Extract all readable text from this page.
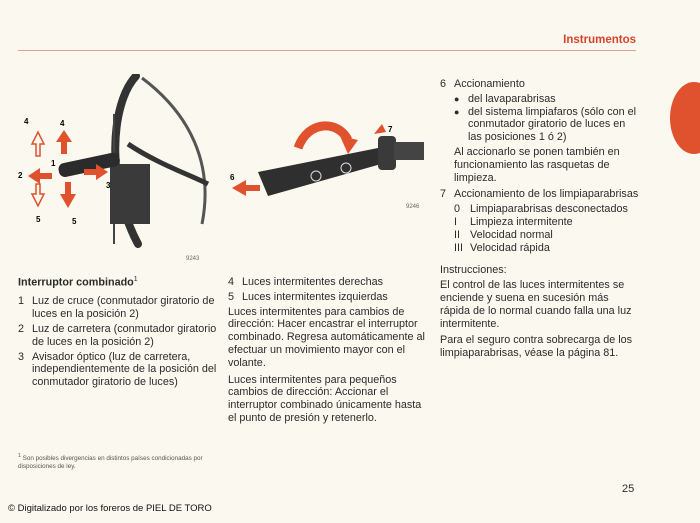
Instrumentos
4	4
1
2
3
5	5
9243
6
7
9246
Interruptor combinado$^1$
1 Luz de cruce (conmutador giratorio de luces en la posición 2)
2 Luz de carretera (conmutador giratorio de luces en la posición 2)
3 Avisador óptico (luz de carretera, independientemente de la posición del conmutador giratorio de luces)
4 Luces intermitentes derechas
5 Luces intermitentes izquierdas
Luces intermitentes para cambios de dirección: Hacer encastrar el interruptor combinado. Regresa automáticamente al efectuar un movimiento mayor con el volante.
Luces intermitentes para pequeños cambios de dirección: Accionar el interruptor combinado únicamente hasta el punto de presión y retenerlo.
6 Accionamiento
● del lavaparabrisas
● del sistema limpiafaros (sólo con el conmutador giratorio de luces en las posiciones 1 ó 2)
Al accionarlo se ponen también en funcionamiento las rasquetas de limpieza.
7 Accionamiento de los limpiaparabrisas
0 Limpiaparabrisas desconectados
I	Limpieza intermitente
II Velocidad normal
III Velocidad rápida
Instrucciones:
El control de las luces intermitentes se enciende y suena en sucesión más rápida de lo normal cuando falla una luz intermitente.
Para el seguro contra sobrecarga de los limpiaparabrisas, véase la página 81.
$^1$ Son posibles divergencias en distintos países condicionadas por disposiciones de ley.
25
© Digitalizado por los foreros de PIEL DE TORO
